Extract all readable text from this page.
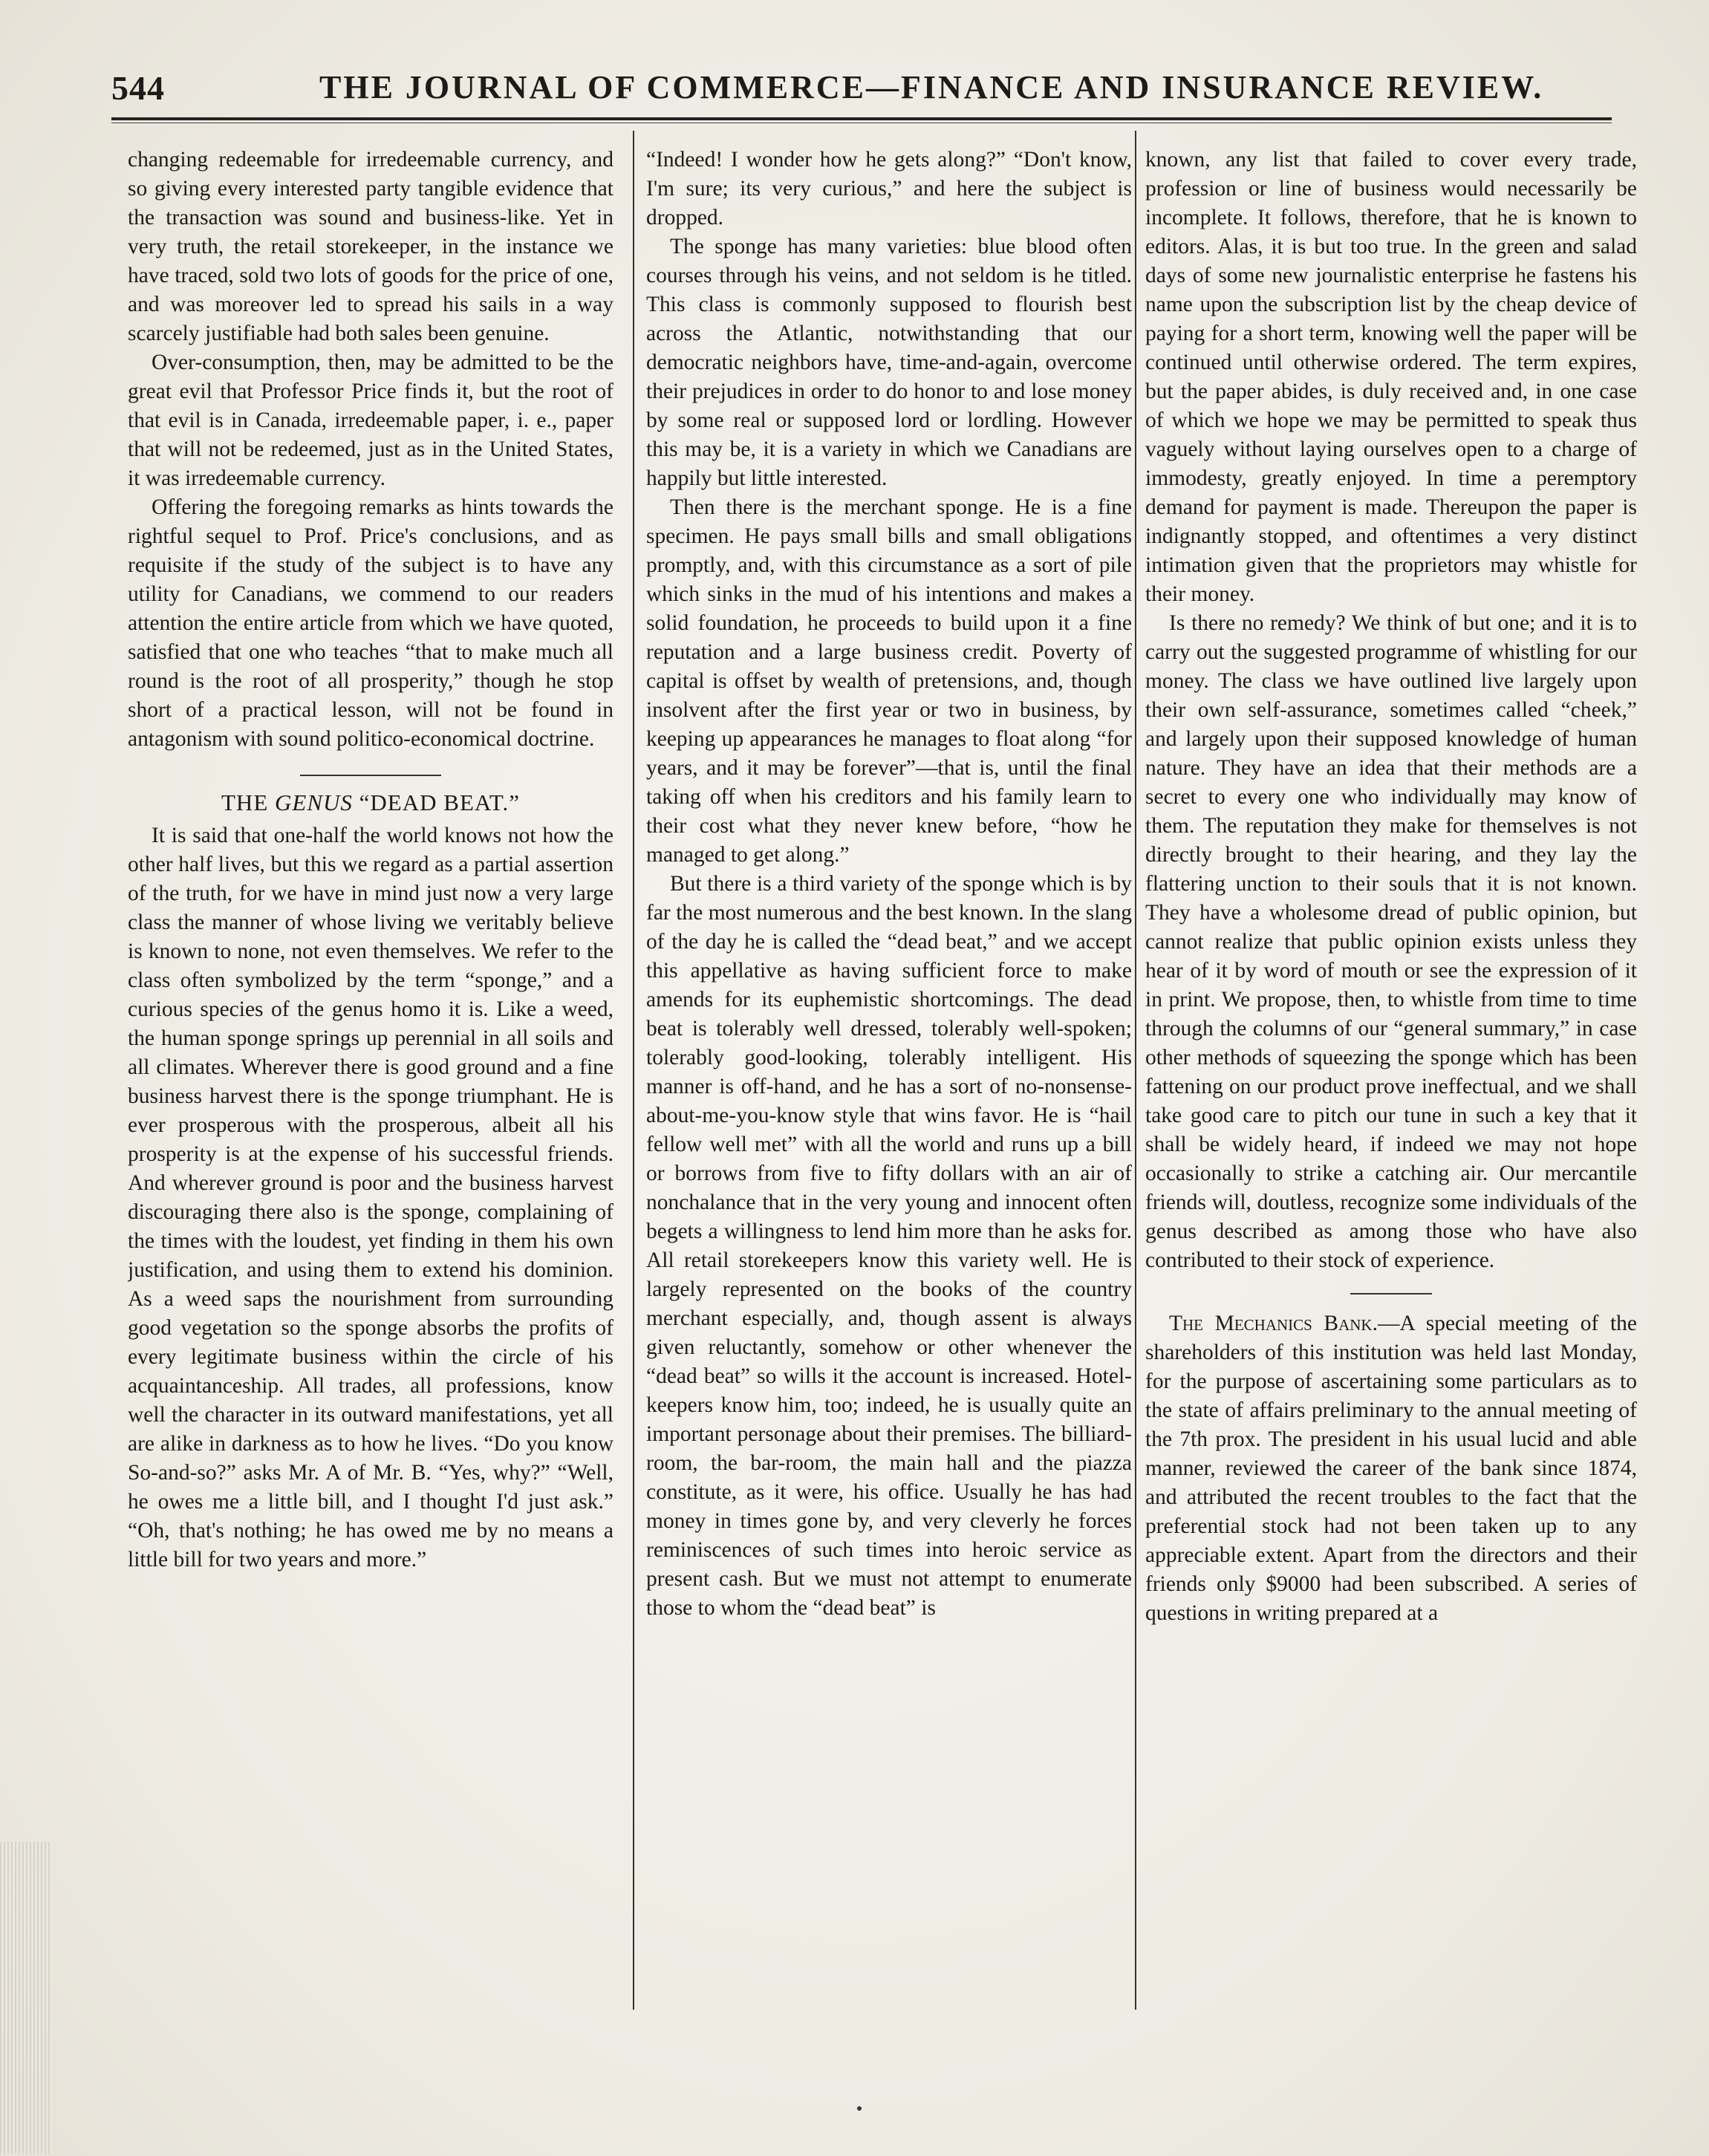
544	THE JOURNAL OF COMMERCE—FINANCE AND INSURANCE REVIEW.

changing redeemable for irredeemable currency, and so giving every interested party tangible evidence that the transaction was sound and business-like. Yet in very truth, the retail storekeeper, in the instance we have traced, sold two lots of goods for the price of one, and was moreover led to spread his sails in a way scarcely justifiable had both sales been genuine.

Over-consumption, then, may be admitted to be the great evil that Professor Price finds it, but the root of that evil is in Canada, irredeemable paper, i. e., paper that will not be redeemed, just as in the United States, it was irredeemable currency.

Offering the foregoing remarks as hints towards the rightful sequel to Prof. Price's conclusions, and as requisite if the study of the subject is to have any utility for Canadians, we commend to our readers attention the entire article from which we have quoted, satisfied that one who teaches “that to make much all round is the root of all prosperity,” though he stop short of a practical lesson, will not be found in antagonism with sound politico-economical doctrine.

THE GENUS “DEAD BEAT.”

It is said that one-half the world knows not how the other half lives, but this we regard as a partial assertion of the truth, for we have in mind just now a very large class the manner of whose living we veritably believe is known to none, not even themselves. We refer to the class often symbolized by the term “sponge,” and a curious species of the genus homo it is. Like a weed, the human sponge springs up perennial in all soils and all climates. Wherever there is good ground and a fine business harvest there is the sponge triumphant. He is ever prosperous with the prosperous, albeit all his prosperity is at the expense of his successful friends. And wherever ground is poor and the business harvest discouraging there also is the sponge, complaining of the times with the loudest, yet finding in them his own justification, and using them to extend his dominion. As a weed saps the nourishment from surrounding good vegetation so the sponge absorbs the profits of every legitimate business within the circle of his acquaintanceship. All trades, all professions, know well the character in its outward manifestations, yet all are alike in darkness as to how he lives. “Do you know So-and-so?” asks Mr. A of Mr. B. “Yes, why?” “Well, he owes me a little bill, and I thought I'd just ask.” “Oh, that's nothing; he has owed me by no means a little bill for two years and more.”

“Indeed! I wonder how he gets along?” “Don't know, I'm sure; its very curious,” and here the subject is dropped.

The sponge has many varieties: blue blood often courses through his veins, and not seldom is he titled. This class is commonly supposed to flourish best across the Atlantic, notwithstanding that our democratic neighbors have, time-and-again, overcome their prejudices in order to do honor to and lose money by some real or supposed lord or lordling. However this may be, it is a variety in which we Canadians are happily but little interested.

Then there is the merchant sponge. He is a fine specimen. He pays small bills and small obligations promptly, and, with this circumstance as a sort of pile which sinks in the mud of his intentions and makes a solid foundation, he proceeds to build upon it a fine reputation and a large business credit. Poverty of capital is offset by wealth of pretensions, and, though insolvent after the first year or two in business, by keeping up appearances he manages to float along “for years, and it may be forever”—that is, until the final taking off when his creditors and his family learn to their cost what they never knew before, “how he managed to get along.”

But there is a third variety of the sponge which is by far the most numerous and the best known. In the slang of the day he is called the “dead beat,” and we accept this appellative as having sufficient force to make amends for its euphemistic shortcomings. The dead beat is tolerably well dressed, tolerably well-spoken; tolerably good-looking, tolerably intelligent. His manner is off-hand, and he has a sort of no-nonsense-about-me-you-know style that wins favor. He is “hail fellow well met” with all the world and runs up a bill or borrows from five to fifty dollars with an air of nonchalance that in the very young and innocent often begets a willingness to lend him more than he asks for. All retail storekeepers know this variety well. He is largely represented on the books of the country merchant especially, and, though assent is always given reluctantly, somehow or other whenever the “dead beat” so wills it the account is increased. Hotel-keepers know him, too; indeed, he is usually quite an important personage about their premises. The billiard-room, the bar-room, the main hall and the piazza constitute, as it were, his office. Usually he has had money in times gone by, and very cleverly he forces reminiscences of such times into heroic service as present cash. But we must not attempt to enumerate those to whom the “dead beat” is

known, any list that failed to cover every trade, profession or line of business would necessarily be incomplete. It follows, therefore, that he is known to editors. Alas, it is but too true. In the green and salad days of some new journalistic enterprise he fastens his name upon the subscription list by the cheap device of paying for a short term, knowing well the paper will be continued until otherwise ordered. The term expires, but the paper abides, is duly received and, in one case of which we hope we may be permitted to speak thus vaguely without laying ourselves open to a charge of immodesty, greatly enjoyed. In time a peremptory demand for payment is made. Thereupon the paper is indignantly stopped, and oftentimes a very distinct intimation given that the proprietors may whistle for their money.

Is there no remedy? We think of but one; and it is to carry out the suggested programme of whistling for our money. The class we have outlined live largely upon their own self-assurance, sometimes called “cheek,” and largely upon their supposed knowledge of human nature. They have an idea that their methods are a secret to every one who individually may know of them. The reputation they make for themselves is not directly brought to their hearing, and they lay the flattering unction to their souls that it is not known. They have a wholesome dread of public opinion, but cannot realize that public opinion exists unless they hear of it by word of mouth or see the expression of it in print. We propose, then, to whistle from time to time through the columns of our “general summary,” in case other methods of squeezing the sponge which has been fattening on our product prove ineffectual, and we shall take good care to pitch our tune in such a key that it shall be widely heard, if indeed we may not hope occasionally to strike a catching air. Our mercantile friends will, doutless, recognize some individuals of the genus described as among those who have also contributed to their stock of experience.

The Mechanics Bank.—A special meeting of the shareholders of this institution was held last Monday, for the purpose of ascertaining some particulars as to the state of affairs preliminary to the annual meeting of the 7th prox. The president in his usual lucid and able manner, reviewed the career of the bank since 1874, and attributed the recent troubles to the fact that the preferential stock had not been taken up to any appreciable extent. Apart from the directors and their friends only $9000 had been subscribed. A series of questions in writing prepared at a
